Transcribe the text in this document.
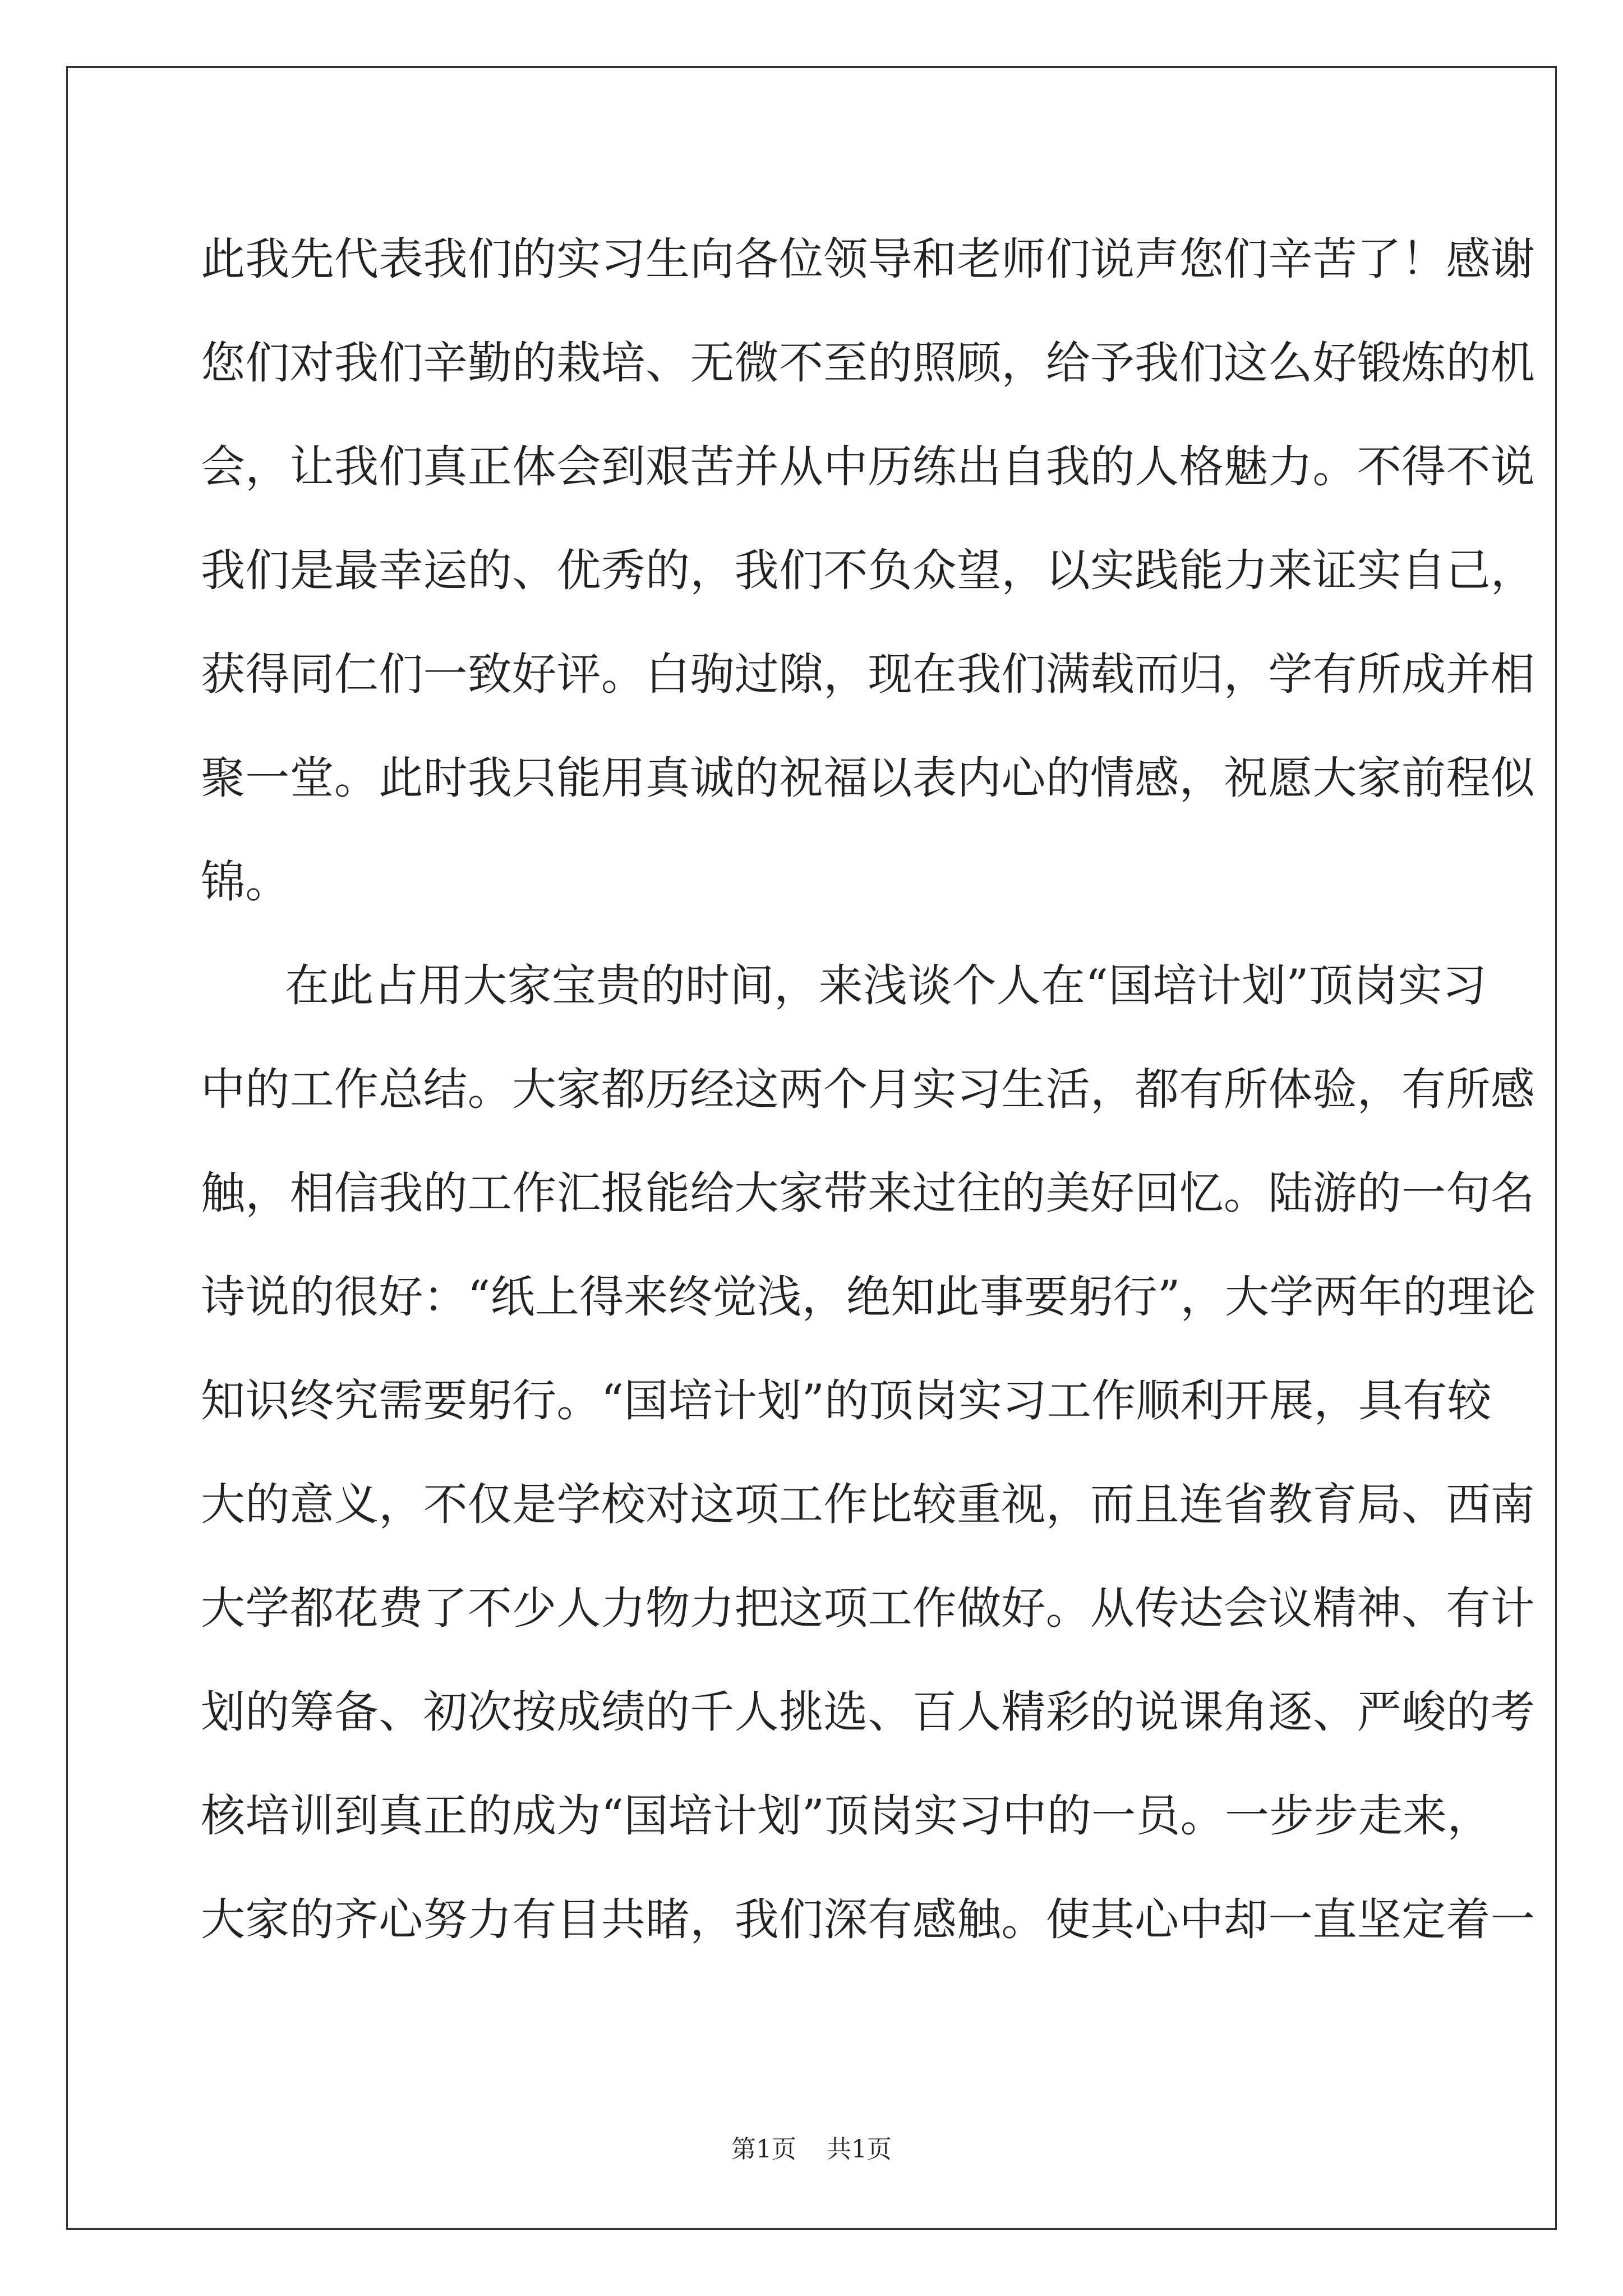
此我先代表我们的实习生向各位领导和老师们说声您们辛苦了！感谢
您们对我们辛勤的栽培、无微不至的照顾，给予我们这么好锻炼的机
会，让我们真正体会到艰苦并从中历练出自我的人格魅力。不得不说
我们是最幸运的、优秀的，我们不负众望，以实践能力来证实自己，
获得同仁们一致好评。白驹过隙，现在我们满载而归，学有所成并相
聚一堂。此时我只能用真诚的祝福以表内心的情感，祝愿大家前程似
锦。
在此占用大家宝贵的时间，来浅谈个人在“国培计划”顶岗实习
中的工作总结。大家都历经这两个月实习生活，都有所体验，有所感
触，相信我的工作汇报能给大家带来过往的美好回忆。陆游的一句名
诗说的很好：“纸上得来终觉浅，绝知此事要躬行”，大学两年的理论
知识终究需要躬行。“国培计划”的顶岗实习工作顺利开展，具有较
大的意义，不仅是学校对这项工作比较重视，而且连省教育局、西南
大学都花费了不少人力物力把这项工作做好。从传达会议精神、有计
划的筹备、初次按成绩的千人挑选、百人精彩的说课角逐、严峻的考
核培训到真正的成为“国培计划”顶岗实习中的一员。一步步走来，
大家的齐心努力有目共睹，我们深有感触。使其心中却一直坚定着一
第1页 共1页
